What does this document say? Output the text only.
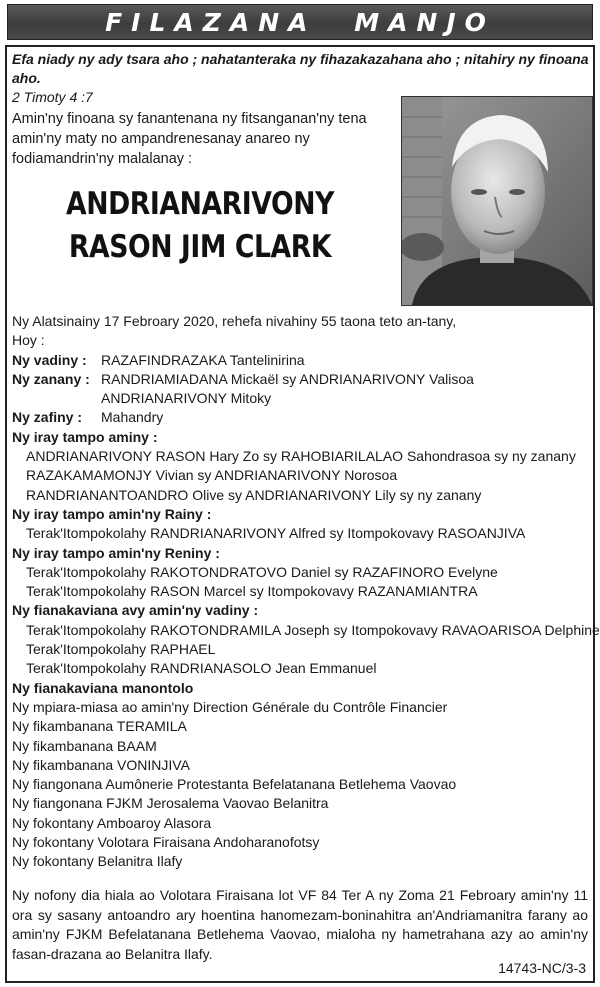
FILAZANA MANJO
Efa niady ny ady tsara aho ; nahatanteraka ny fihazakazahana aho ; nitahiry ny finoana aho.
2 Timoty 4 :7
Amin'ny finoana sy fanantenana ny fitsanganan'ny tena amin'ny maty no ampandrenesanay anareo ny fodiamandrin'ny malalanay :
ANDRIANARIVONY
RASON JIM CLARK
Ny Alatsinainy 17 Febroary 2020, rehefa nivahiny 55 taona teto an-tany,
Hoy :
Ny vadiny : RAZAFINDRAZAKA Tantelinirina
Ny zanany : RANDRIAMIADANA Mickaël sy ANDRIANARIVONY Valisoa
ANDRIANARIVONY Mitoky
Ny zafiny : Mahandry
Ny iray tampo aminy :
ANDRIANARIVONY RASON Hary Zo sy RAHOBIARILALAO Sahondrasoa sy ny zanany
RAZAKAMAMONJY Vivian sy ANDRIANARIVONY Norosoa
RANDRIANANTOANDRO Olive sy ANDRIANARIVONY Lily sy ny zanany
Ny iray tampo amin'ny Rainy :
Terak'Itompokolahy RANDRIANARIVONY Alfred sy Itompokovavy RASOANJIVA
Ny iray tampo amin'ny Reniny :
Terak'Itompokolahy RAKOTONDRATOVO Daniel sy RAZAFINORO Evelyne
Terak'Itompokolahy RASON Marcel sy Itompokovavy RAZANAMIANTRA
Ny fianakaviana avy amin'ny vadiny :
Terak'Itompokolahy RAKOTONDRAMILA Joseph sy Itompokovavy RAVAOARISOA Delphine
Terak'Itompokolahy RAPHAEL
Terak'Itompokolahy RANDRIANASOLO Jean Emmanuel
Ny fianakaviana manontolo
Ny mpiara-miasa ao amin'ny Direction Générale du Contrôle Financier
Ny fikambanana TERAMILA
Ny fikambanana BAAM
Ny fikambanana VONINJIVA
Ny fiangonana Aumônerie Protestanta Befelatanana Betlehema Vaovao
Ny fiangonana FJKM Jerosalema Vaovao Belanitra
Ny fokontany Amboaroy Alasora
Ny fokontany Volotara Firaisana Andoharanofotsy
Ny fokontany Belanitra Ilafy
Ny nofony dia hiala ao Volotara Firaisana lot VF 84 Ter A ny Zoma 21 Febroary amin'ny 11 ora sy sasany antoandro ary hoentina hanomezam-boninahitra an'Andriamanitra farany ao amin'ny FJKM Befelatanana Betlehema Vaovao, mialoha ny hametrahana azy ao amin'ny fasan-drazana ao Belanitra Ilafy.
14743-NC/3-3
